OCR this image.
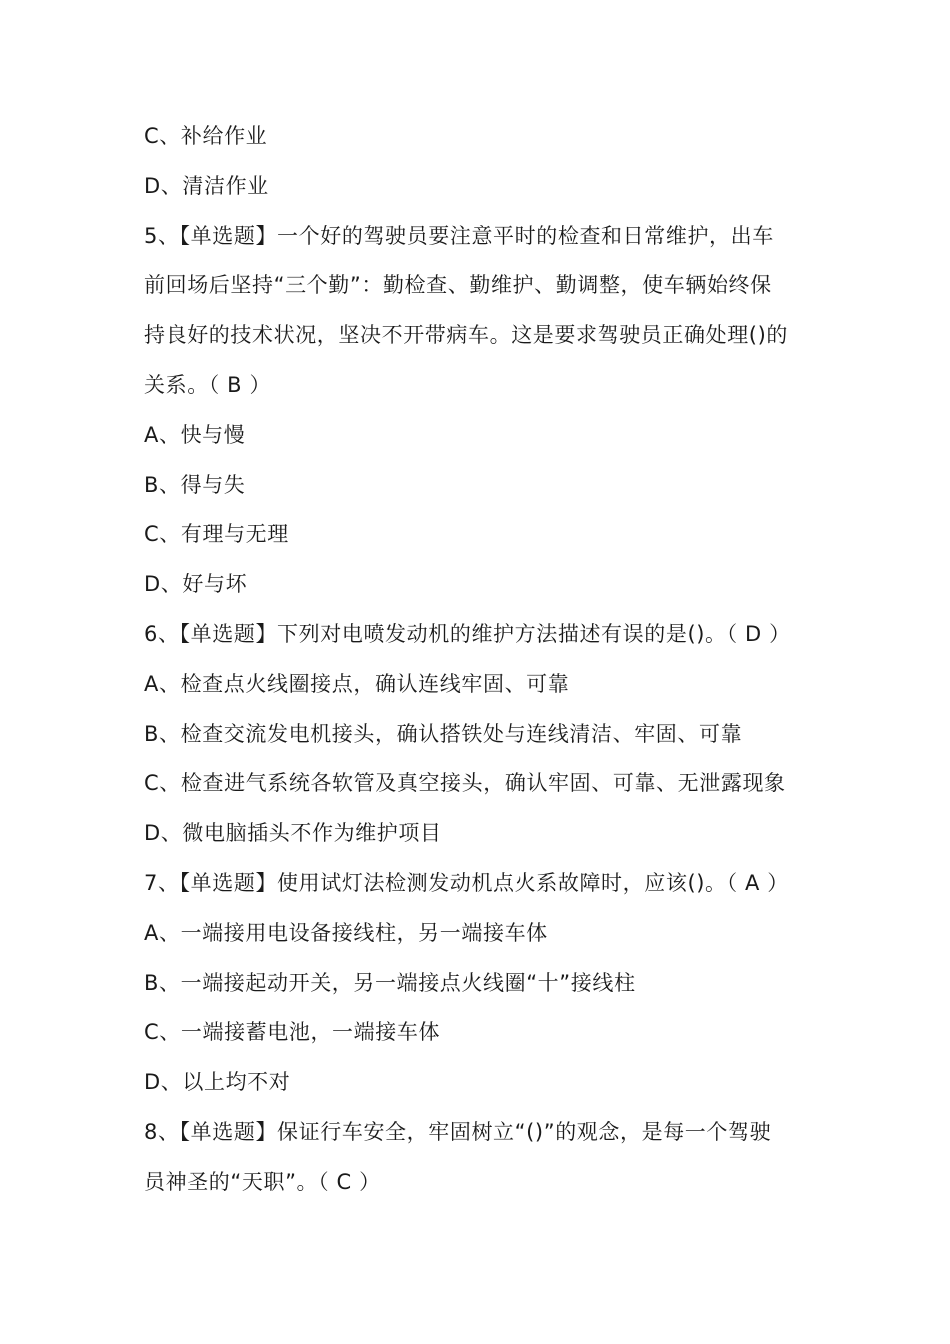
C、补给作业
D、清洁作业
5、【单选题】一个好的驾驶员要注意平时的检查和日常维护，出车
前回场后坚持“三个勤”：勤检查、勤维护、勤调整，使车辆始终保
持良好的技术状况，坚决不开带病车。这是要求驾驶员正确处理()的
关系。（ B ）
A、快与慢
B、得与失
C、有理与无理
D、好与坏
6、【单选题】下列对电喷发动机的维护方法描述有误的是()。（ D ）
A、检查点火线圈接点，确认连线牢固、可靠
B、检查交流发电机接头，确认搭铁处与连线清洁、牢固、可靠
C、检查进气系统各软管及真空接头，确认牢固、可靠、无泄露现象
D、微电脑插头不作为维护项目
7、【单选题】使用试灯法检测发动机点火系故障时，应该()。（ A ）
A、一端接用电设备接线柱，另一端接车体
B、一端接起动开关，另一端接点火线圈“十”接线柱
C、一端接蓄电池，一端接车体
D、以上均不对
8、【单选题】保证行车安全，牢固树立“()”的观念，是每一个驾驶
员神圣的“天职”。（ C ）
